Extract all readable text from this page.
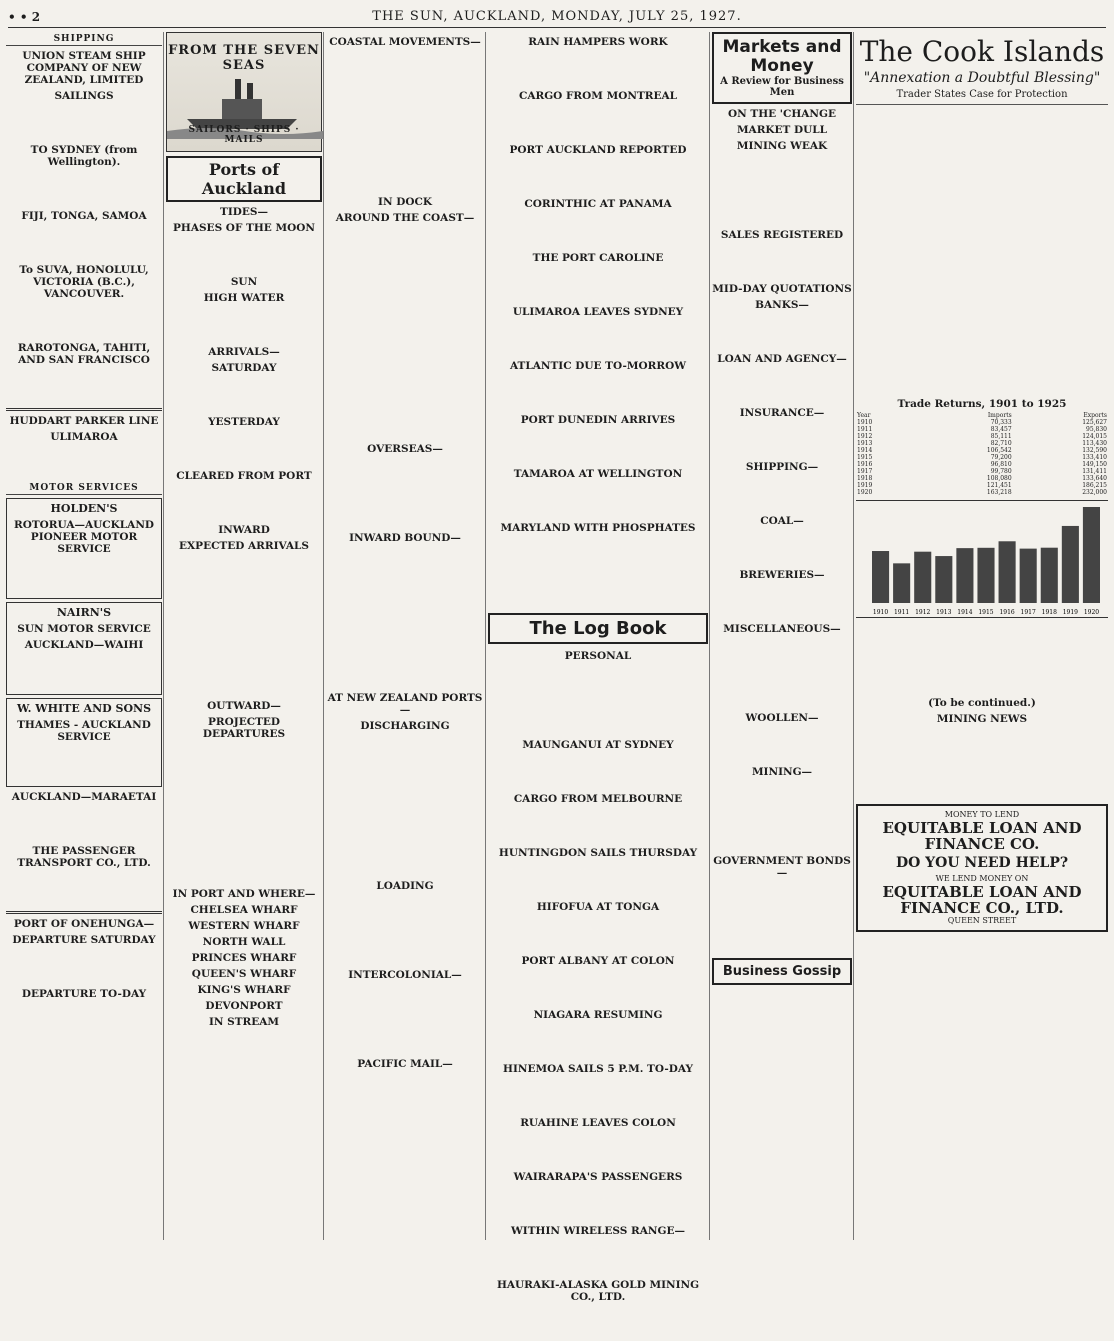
• • 2	THE SUN, AUCKLAND, MONDAY, JULY 25, 1927.
SHIPPING
UNION STEAM SHIP COMPANY OF NEW ZEALAND, LIMITED
SAILINGS
TO SYDNEY (from Wellington).
FIJI, TONGA, SAMOA
To SUVA, HONOLULU, VICTORIA (B.C.), VANCOUVER.
RAROTONGA, TAHITI, AND SAN FRANCISCO
HUDDART PARKER LINE
ULIMAROA
MOTOR SERVICES
HOLDEN'S
ROTORUA—AUCKLAND PIONEER MOTOR SERVICE
NAIRN'S
SUN MOTOR SERVICE
AUCKLAND—WAIHI
W. WHITE AND SONS
THAMES - AUCKLAND SERVICE
AUCKLAND—MARAETAI
THE PASSENGER TRANSPORT CO., LTD.
PORT OF ONEHUNGA—
DEPARTURE SATURDAY
DEPARTURE TO-DAY
FROM THE SEVEN SEAS
SAILORS · SHIPS · MAILS
Ports of Auckland
TIDES—
PHASES OF THE MOON
SUN
HIGH WATER
ARRIVALS—
SATURDAY
YESTERDAY
CLEARED FROM PORT
INWARD
EXPECTED ARRIVALS
OUTWARD—
PROJECTED DEPARTURES
IN PORT AND WHERE—
CHELSEA WHARF
WESTERN WHARF
NORTH WALL
PRINCES WHARF
QUEEN'S WHARF
KING'S WHARF
DEVONPORT
IN STREAM
COASTAL MOVEMENTS—
IN DOCK
AROUND THE COAST—
OVERSEAS—
INWARD BOUND—
AT NEW ZEALAND PORTS—
DISCHARGING
LOADING
INTERCOLONIAL—
PACIFIC MAIL—
RAIN HAMPERS WORK
CARGO FROM MONTREAL
PORT AUCKLAND REPORTED
CORINTHIC AT PANAMA
THE PORT CAROLINE
ULIMAROA LEAVES SYDNEY
ATLANTIC DUE TO-MORROW
PORT DUNEDIN ARRIVES
TAMAROA AT WELLINGTON
MARYLAND WITH PHOSPHATES
The Log Book
PERSONAL
MAUNGANUI AT SYDNEY
CARGO FROM MELBOURNE
HUNTINGDON SAILS THURSDAY
HIFOFUA AT TONGA
PORT ALBANY AT COLON
NIAGARA RESUMING
HINEMOA SAILS 5 P.M. TO-DAY
RUAHINE LEAVES COLON
WAIRARAPA'S PASSENGERS
WITHIN WIRELESS RANGE—
HAURAKI-ALASKA GOLD MINING CO., LTD.
Markets and Money
A Review for Business Men
ON THE 'CHANGE
MARKET DULL
MINING WEAK
SALES REGISTERED
MID-DAY QUOTATIONS
BANKS—
LOAN AND AGENCY—
INSURANCE—
SHIPPING—
COAL—
BREWERIES—
MISCELLANEOUS—
WOOLLEN—
MINING—
GOVERNMENT BONDS—
Business Gossip
The Cook Islands
"Annexation a Doubtful Blessing"
Trader States Case for Protection
Trade Returns, 1901 to 1925
Year	Imports	Exports
1910	70,333	125,627
1911	83,457	95,830
1912	85,111	124,015
1913	82,710	113,430
1914	106,542	132,590
1915	79,200	133,410
1916	96,810	149,150
1917	99,780	131,411
1918	108,080	133,640
1919	121,451	186,215
1920	163,218	232,000
1910 1911 1912 1913 1914 1915 1916 1917 1918 1919 1920
(To be continued.)
MINING NEWS
MONEY TO LEND
EQUITABLE LOAN AND FINANCE CO.
DO YOU NEED HELP?
WE LEND MONEY ON
EQUITABLE LOAN AND FINANCE CO., LTD.
QUEEN STREET
